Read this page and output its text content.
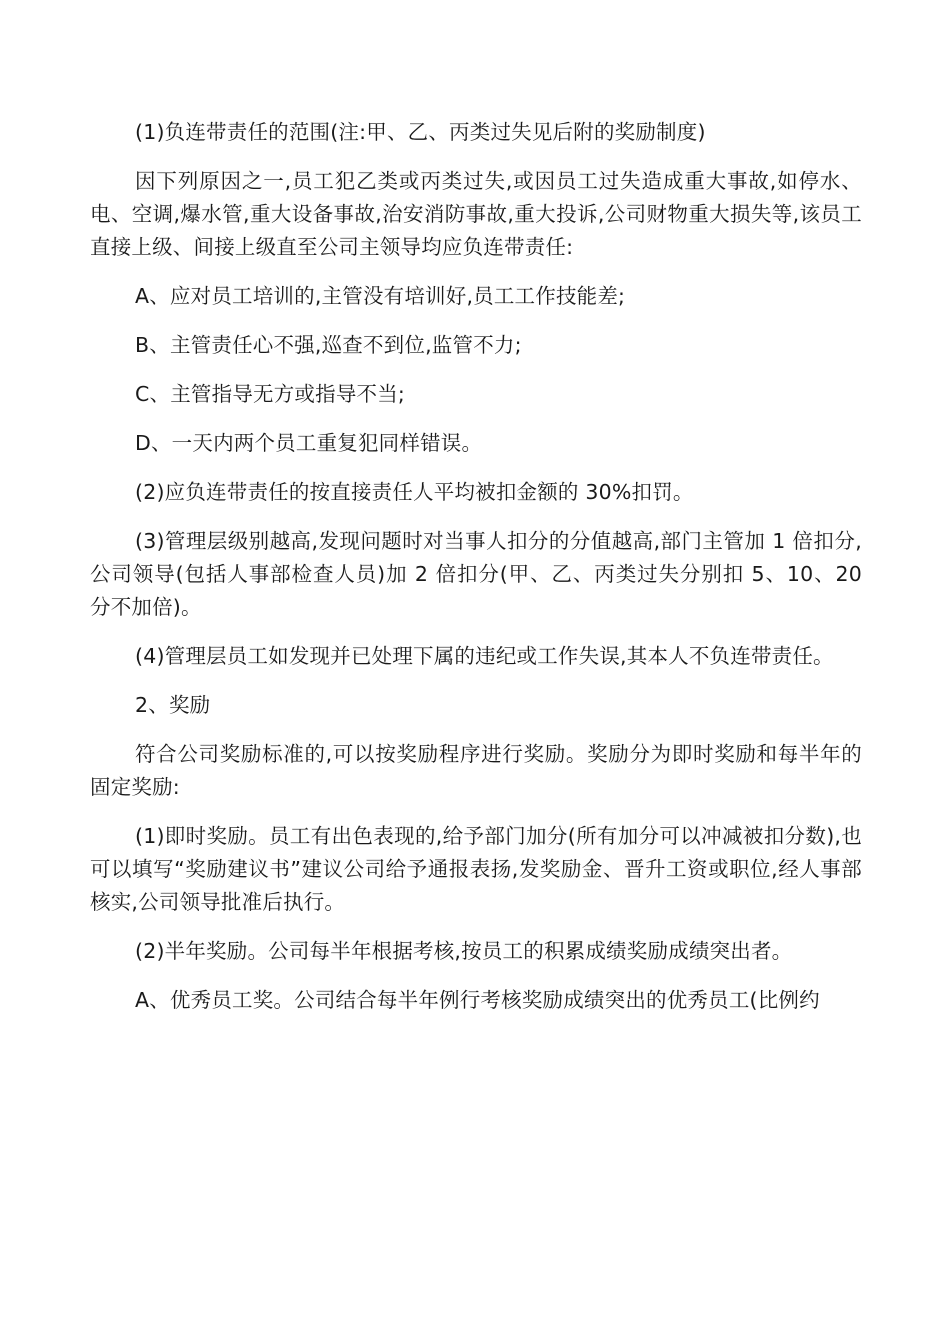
(1)负连带责任的范围(注:甲、乙、丙类过失见后附的奖励制度)

因下列原因之一,员工犯乙类或丙类过失,或因员工过失造成重大事故,如停水、电、空调,爆水管,重大设备事故,治安消防事故,重大投诉,公司财物重大损失等,该员工直接上级、间接上级直至公司主领导均应负连带责任:

A、应对员工培训的,主管没有培训好,员工工作技能差;

B、主管责任心不强,巡查不到位,监管不力;

C、主管指导无方或指导不当;

D、一天内两个员工重复犯同样错误。

(2)应负连带责任的按直接责任人平均被扣金额的 30%扣罚。

(3)管理层级别越高,发现问题时对当事人扣分的分值越高,部门主管加 1 倍扣分,公司领导(包括人事部检查人员)加 2 倍扣分(甲、乙、丙类过失分别扣 5、10、20 分不加倍)。

(4)管理层员工如发现并已处理下属的违纪或工作失误,其本人不负连带责任。

2、奖励

符合公司奖励标准的,可以按奖励程序进行奖励。奖励分为即时奖励和每半年的固定奖励:

(1)即时奖励。员工有出色表现的,给予部门加分(所有加分可以冲减被扣分数),也可以填写“奖励建议书”建议公司给予通报表扬,发奖励金、晋升工资或职位,经人事部核实,公司领导批准后执行。

(2)半年奖励。公司每半年根据考核,按员工的积累成绩奖励成绩突出者。

A、优秀员工奖。公司结合每半年例行考核奖励成绩突出的优秀员工(比例约
